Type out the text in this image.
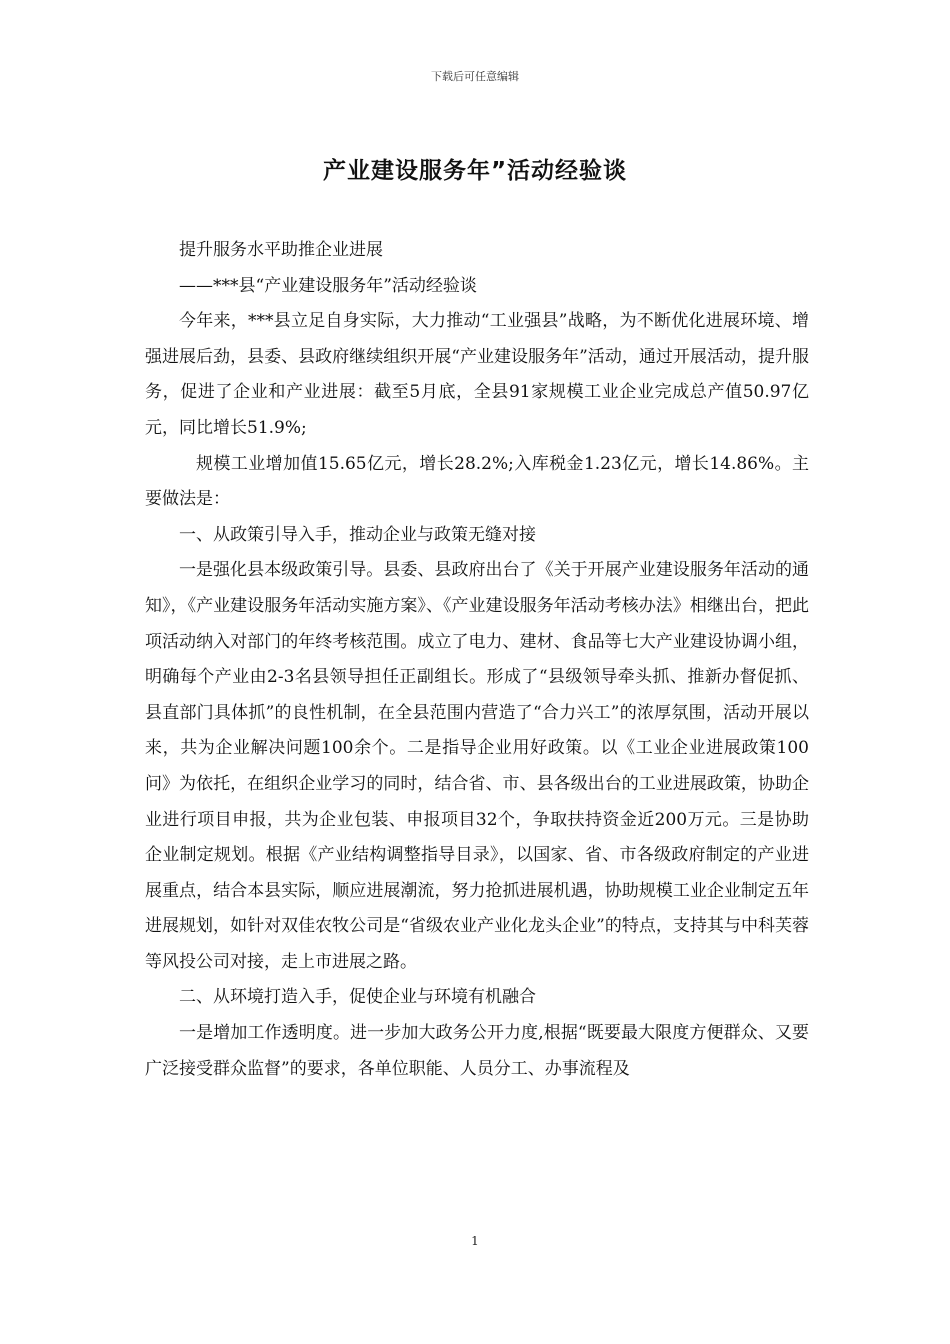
下载后可任意编辑
产业建设服务年”活动经验谈

提升服务水平助推企业进展

——***县“产业建设服务年”活动经验谈

今年来，***县立足自身实际，大力推动“工业强县”战略，为不断优化进展环境、增强进展后劲，县委、县政府继续组织开展“产业建设服务年”活动，通过开展活动，提升服务，促进了企业和产业进展：截至5月底，全县91家规模工业企业完成总产值50.97亿元，同比增长51.9%;

规模工业增加值15.65亿元，增长28.2%;入库税金1.23亿元，增长14.86%。主要做法是：

一、从政策引导入手，推动企业与政策无缝对接

一是强化县本级政策引导。县委、县政府出台了《关于开展产业建设服务年活动的通知》，《产业建设服务年活动实施方案》、《产业建设服务年活动考核办法》相继出台，把此项活动纳入对部门的年终考核范围。成立了电力、建材、食品等七大产业建设协调小组，明确每个产业由2-3名县领导担任正副组长。形成了“县级领导牵头抓、推新办督促抓、县直部门具体抓”的良性机制，在全县范围内营造了“合力兴工”的浓厚氛围，活动开展以来，共为企业解决问题100余个。二是指导企业用好政策。以《工业企业进展政策100问》为依托，在组织企业学习的同时，结合省、市、县各级出台的工业进展政策，协助企业进行项目申报，共为企业包装、申报项目32个，争取扶持资金近200万元。三是协助企业制定规划。根据《产业结构调整指导目录》，以国家、省、市各级政府制定的产业进展重点，结合本县实际，顺应进展潮流，努力抢抓进展机遇，协助规模工业企业制定五年进展规划，如针对双佳农牧公司是“省级农业产业化龙头企业”的特点，支持其与中科芙蓉等风投公司对接，走上市进展之路。

二、从环境打造入手，促使企业与环境有机融合

一是增加工作透明度。进一步加大政务公开力度,根据“既要最大限度方便群众、又要广泛接受群众监督”的要求，各单位职能、人员分工、办事流程及

1
